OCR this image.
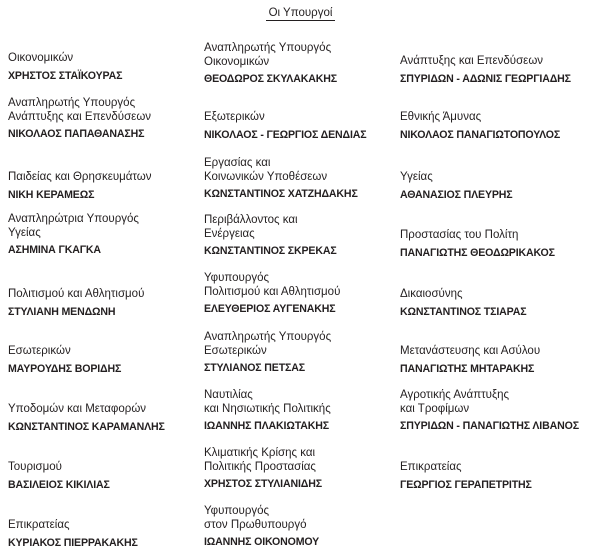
Οι Υπουργοί
Οικονομικών
ΧΡΗΣΤΟΣ ΣΤΑΪΚΟΥΡΑΣ
Αναπληρωτής Υπουργός
Ανάπτυξης και Επενδύσεων
ΝΙΚΟΛΑΟΣ ΠΑΠΑΘΑΝΑΣΗΣ
Παιδείας και Θρησκευμάτων
ΝΙΚΗ ΚΕΡΑΜΕΩΣ
Αναπληρώτρια Υπουργός
Υγείας
ΑΣΗΜΙΝΑ ΓΚΑΓΚΑ
Πολιτισμού και Αθλητισμού
ΣΤΥΛΙΑΝΗ ΜΕΝΔΩΝΗ
Εσωτερικών
ΜΑΥΡΟΥΔΗΣ ΒΟΡΙΔΗΣ
Υποδομών και Μεταφορών
ΚΩΝΣΤΑΝΤΙΝΟΣ ΚΑΡΑΜΑΝΛΗΣ
Τουρισμού
ΒΑΣΙΛΕΙΟΣ ΚΙΚΙΛΙΑΣ
Επικρατείας
ΚΥΡΙΑΚΟΣ ΠΙΕΡΡΑΚΑΚΗΣ
Αναπληρωτής Υπουργός
Οικονομικών
ΘΕΟΔΩΡΟΣ ΣΚΥΛΑΚΑΚΗΣ
Εξωτερικών
ΝΙΚΟΛΑΟΣ - ΓΕΩΡΓΙΟΣ ΔΕΝΔΙΑΣ
Εργασίας και
Κοινωνικών Υποθέσεων
ΚΩΝΣΤΑΝΤΙΝΟΣ ΧΑΤΖΗΔΑΚΗΣ
Περιβάλλοντος και
Ενέργειας
ΚΩΝΣΤΑΝΤΙΝΟΣ ΣΚΡΕΚΑΣ
Υφυπουργός
Πολιτισμού και Αθλητισμού
ΕΛΕΥΘΕΡΙΟΣ ΑΥΓΕΝΑΚΗΣ
Αναπληρωτής Υπουργός
Εσωτερικών
ΣΤΥΛΙΑΝΟΣ ΠΕΤΣΑΣ
Ναυτιλίας
και Νησιωτικής Πολιτικής
ΙΩΑΝΝΗΣ ΠΛΑΚΙΩΤΑΚΗΣ
Κλιματικής Κρίσης και
Πολιτικής Προστασίας
ΧΡΗΣΤΟΣ ΣΤΥΛΙΑΝΙΔΗΣ
Υφυπουργός
στον Πρωθυπουργό
ΙΩΑΝΝΗΣ ΟΙΚΟΝΟΜΟΥ
Ανάπτυξης και Επενδύσεων
ΣΠΥΡΙΔΩΝ - ΑΔΩΝΙΣ ΓΕΩΡΓΙΑΔΗΣ
Εθνικής Άμυνας
ΝΙΚΟΛΑΟΣ ΠΑΝΑΓΙΩΤΟΠΟΥΛΟΣ
Υγείας
ΑΘΑΝΑΣΙΟΣ ΠΛΕΥΡΗΣ
Προστασίας του Πολίτη
ΠΑΝΑΓΙΩΤΗΣ ΘΕΟΔΩΡΙΚΑΚΟΣ
Δικαιοσύνης
ΚΩΝΣΤΑΝΤΙΝΟΣ ΤΣΙΑΡΑΣ
Μετανάστευσης και Ασύλου
ΠΑΝΑΓΙΩΤΗΣ ΜΗΤΑΡΑΚΗΣ
Αγροτικής Ανάπτυξης
και Τροφίμων
ΣΠΥΡΙΔΩΝ - ΠΑΝΑΓΙΩΤΗΣ ΛΙΒΑΝΟΣ
Επικρατείας
ΓΕΩΡΓΙΟΣ ΓΕΡΑΠΕΤΡΙΤΗΣ
